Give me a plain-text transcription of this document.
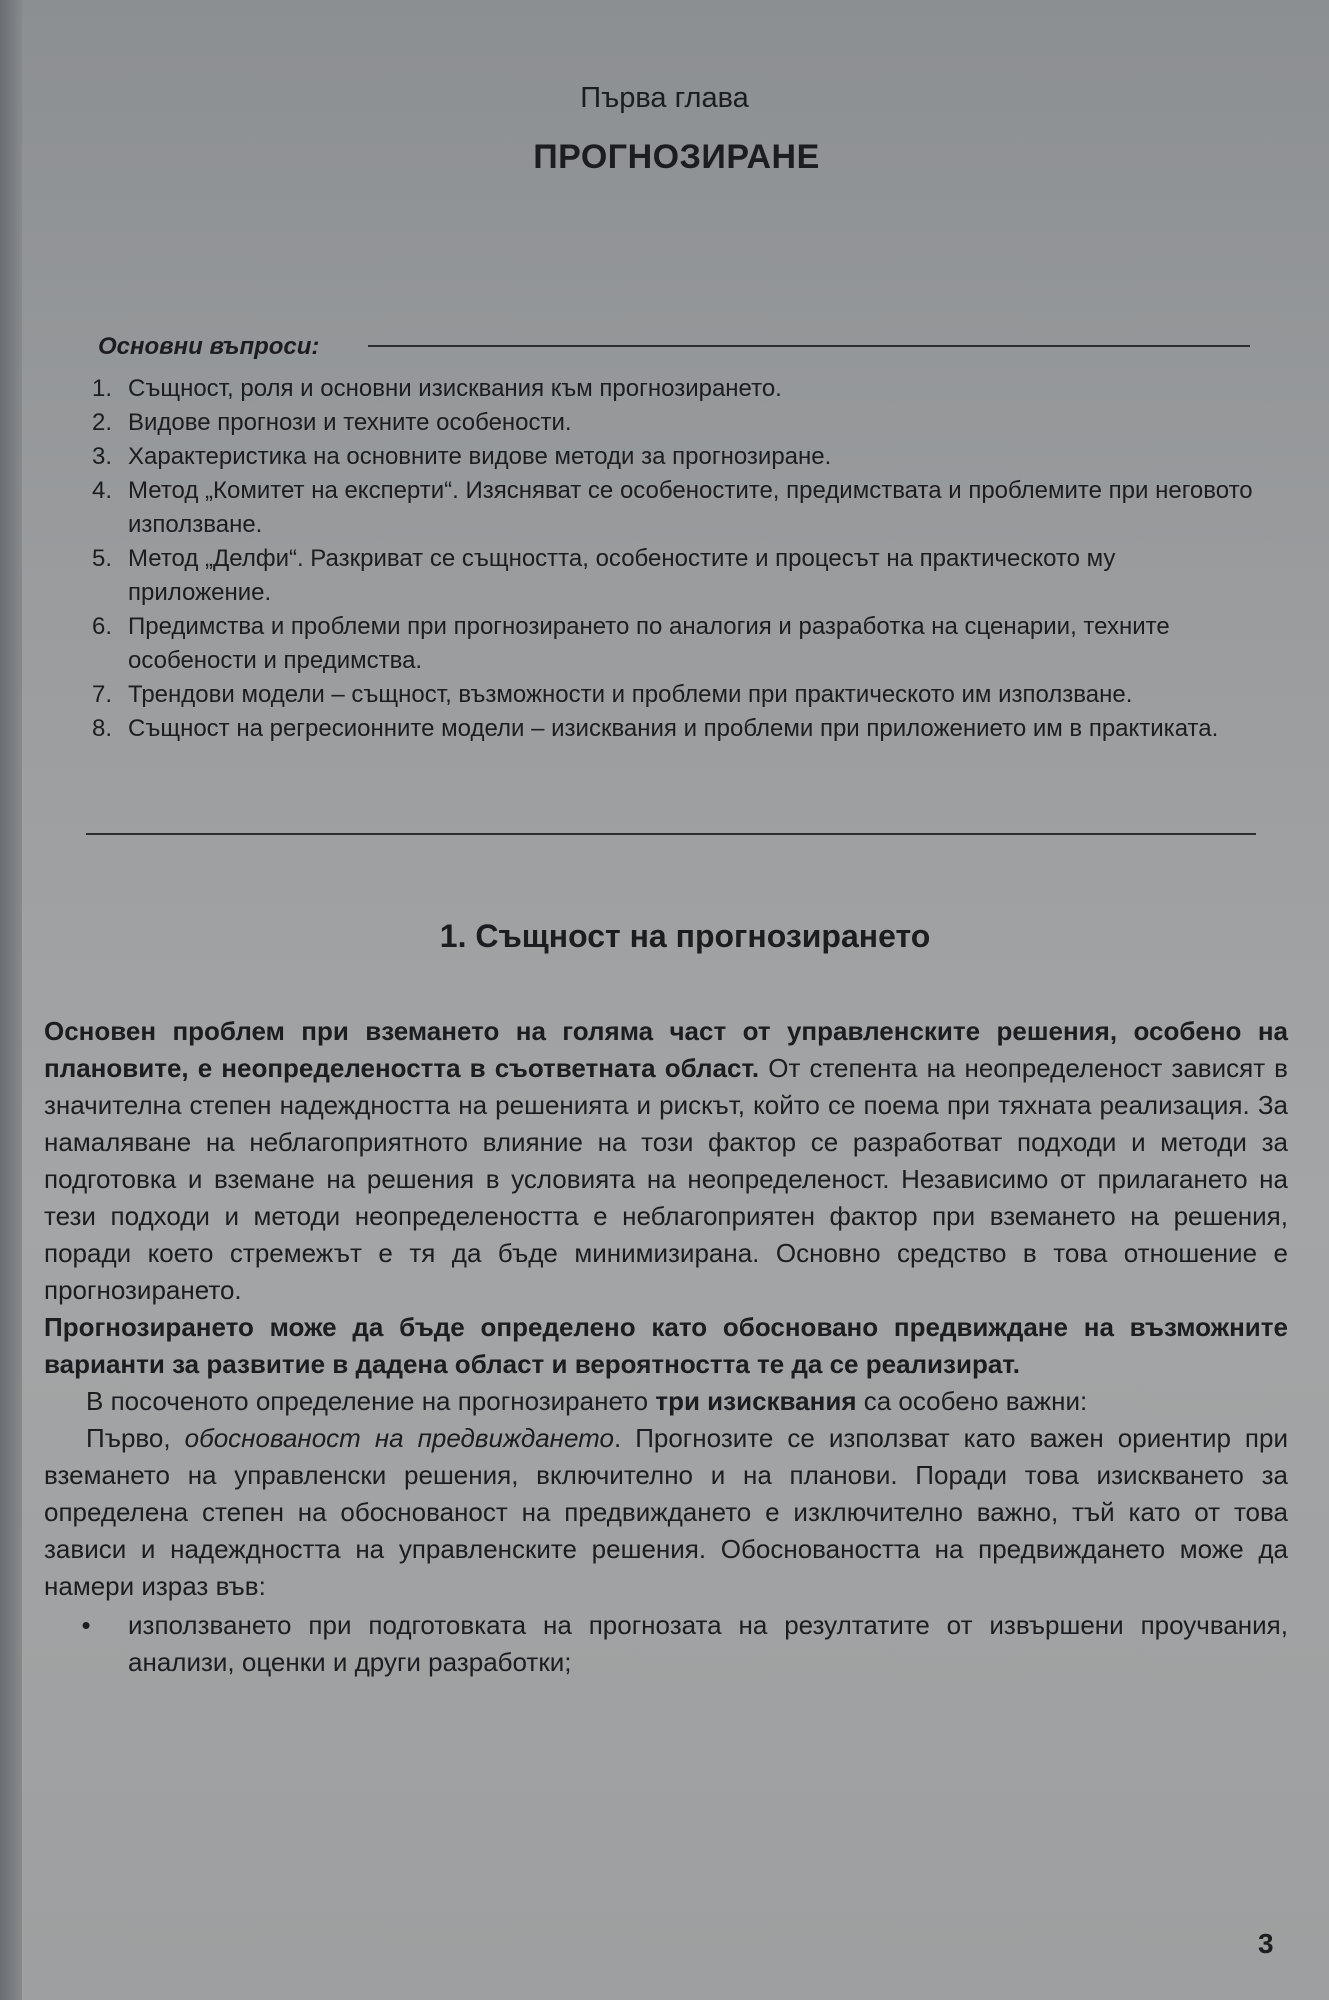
Първа глава
ПРОГНОЗИРАНЕ
Основни въпроси:
1. Същност, роля и основни изисквания към прогнозирането.
2. Видове прогнози и техните особености.
3. Характеристика на основните видове методи за прогнозиране.
4. Метод „Комитет на експерти“. Изясняват се особеностите, предимствата и проблемите при неговото използване.
5. Метод „Делфи“. Разкриват се същността, особеностите и процесът на практическото му приложение.
6. Предимства и проблеми при прогнозирането по аналогия и разработка на сценарии, техните особености и предимства.
7. Трендови модели – същност, възможности и проблеми при практическото им използване.
8. Същност на регресионните модели – изисквания и проблеми при приложението им в практиката.
1. Същност на прогнозирането

Основен проблем при вземането на голяма част от управленските решения, особено на плановите, е неопределеността в съответната област. От степента на неопределеност зависят в значителна степен надеждността на решенията и рискът, който се поема при тяхната реализация. За намаляване на неблагоприятното влияние на този фактор се разработват подходи и методи за подготовка и вземане на решения в условията на неопределеност. Независимо от прилагането на тези подходи и методи неопределеността е неблагоприятен фактор при вземането на решения, поради което стремежът е тя да бъде минимизирана. Основно средство в това отношение е прогнозирането.

Прогнозирането може да бъде определено като обосновано предвиждане на възможните варианти за развитие в дадена област и вероятността те да се реализират.

В посоченото определение на прогнозирането три изисквания са особено важни:

Първо, обоснованост на предвиждането. Прогнозите се използват като важен ориентир при вземането на управленски решения, включително и на планови. Поради това изискването за определена степен на обоснованост на предвиждането е изключително важно, тъй като от това зависи и надеждността на управленските решения. Обосноваността на предвиждането може да намери израз във:

•	използването при подготовката на прогнозата на резултатите от извършени проучвания, анализи, оценки и други разработки;
3
